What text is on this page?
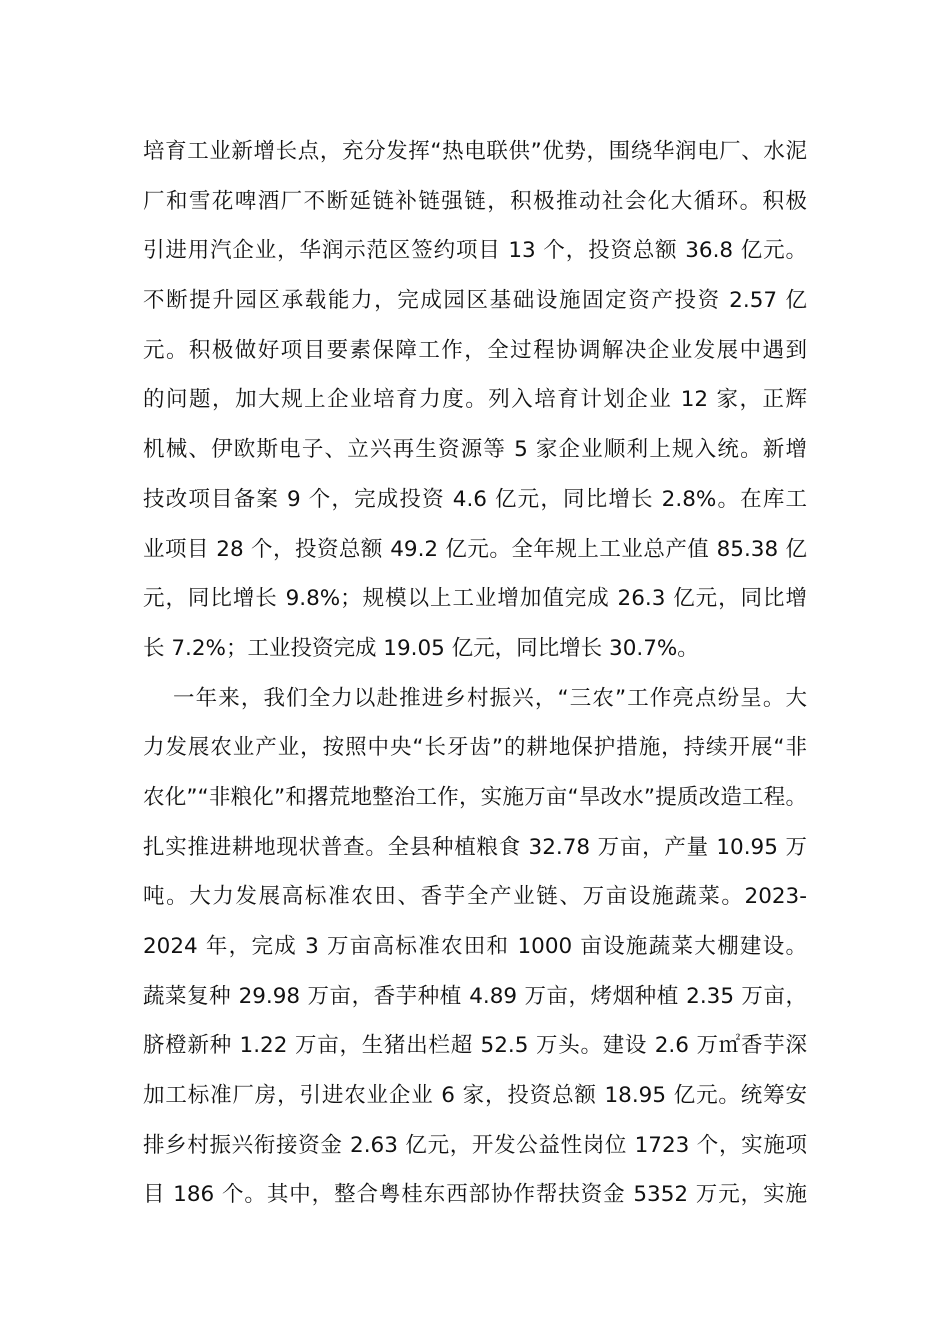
培育工业新增长点，充分发挥“热电联供”优势，围绕华润电厂、水泥
厂和雪花啤酒厂不断延链补链强链，积极推动社会化大循环。积极
引进用汽企业，华润示范区签约项目 13 个，投资总额 36.8 亿元。
不断提升园区承载能力，完成园区基础设施固定资产投资 2.57 亿
元。积极做好项目要素保障工作，全过程协调解决企业发展中遇到
的问题，加大规上企业培育力度。列入培育计划企业 12 家，正辉
机械、伊欧斯电子、立兴再生资源等 5 家企业顺利上规入统。新增
技改项目备案 9 个，完成投资 4.6 亿元，同比增长 2.8%。在库工
业项目 28 个，投资总额 49.2 亿元。全年规上工业总产值 85.38 亿
元，同比增长 9.8%；规模以上工业增加值完成 26.3 亿元，同比增
长 7.2%；工业投资完成 19.05 亿元，同比增长 30.7%。
一年来，我们全力以赴推进乡村振兴，“三农”工作亮点纷呈。大
力发展农业产业，按照中央“长牙齿”的耕地保护措施，持续开展“非
农化”“非粮化”和撂荒地整治工作，实施万亩“旱改水”提质改造工程。
扎实推进耕地现状普查。全县种植粮食 32.78 万亩，产量 10.95 万
吨。大力发展高标准农田、香芋全产业链、万亩设施蔬菜。2023-
2024 年，完成 3 万亩高标准农田和 1000 亩设施蔬菜大棚建设。
蔬菜复种 29.98 万亩，香芋种植 4.89 万亩，烤烟种植 2.35 万亩，
脐橙新种 1.22 万亩，生猪出栏超 52.5 万头。建设 2.6 万㎡香芋深
加工标准厂房，引进农业企业 6 家，投资总额 18.95 亿元。统筹安
排乡村振兴衔接资金 2.63 亿元，开发公益性岗位 1723 个，实施项
目 186 个。其中，整合粤桂东西部协作帮扶资金 5352 万元，实施
